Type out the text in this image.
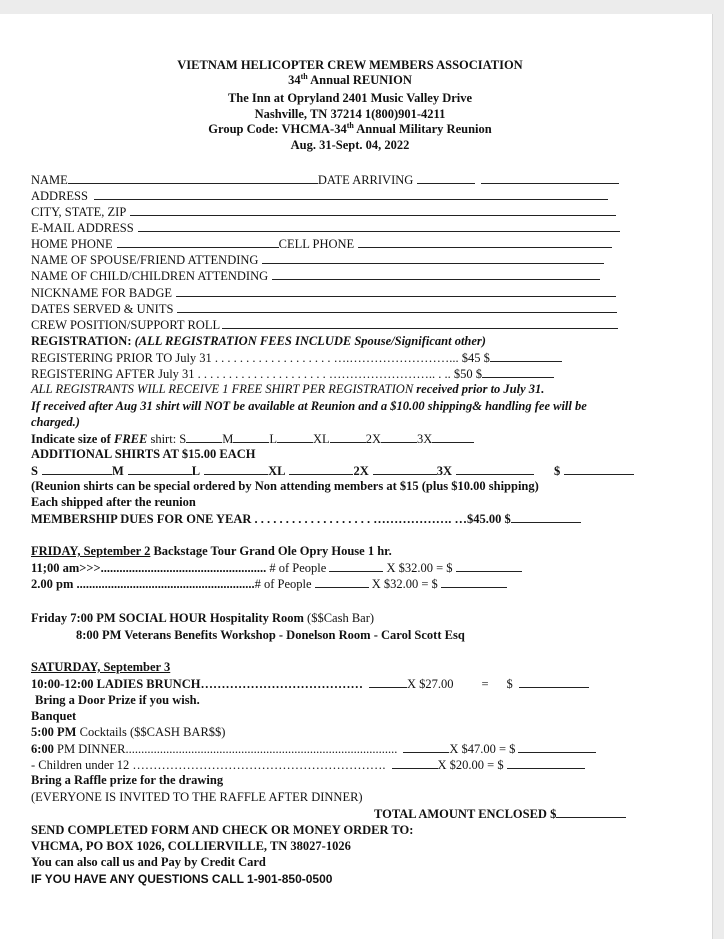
VIETNAM HELICOPTER CREW MEMBERS ASSOCIATION
34th Annual REUNION
The Inn at Opryland 2401 Music Valley Drive
Nashville, TN 37214 1(800)901-4211
Group Code: VHCMA-34th Annual Military Reunion
Aug. 31-Sept. 04, 2022
NAME	DATE ARRIVING
ADDRESS
CITY, STATE, ZIP
E-MAIL ADDRESS
HOME PHONE	CELL PHONE
NAME OF SPOUSE/FRIEND ATTENDING
NAME OF CHILD/CHILDREN ATTENDING
NICKNAME FOR BADGE
DATES SERVED & UNITS
CREW POSITION/SUPPORT ROLL
REGISTRATION: (ALL REGISTRATION FEES INCLUDE Spouse/Significant other)
REGISTERING PRIOR TO July 31 . . . . . . . . . . . . . . . . . . . ….……………………... $45 $
REGISTERING AFTER July 31 . . . . . . . . . . . . . . . . . . . . . …………………….. . .. $50 $
ALL REGISTRANTS WILL RECEIVE 1 FREE SHIRT PER REGISTRATION received prior to July 31.
If received after Aug 31 shirt will NOT be available at Reunion and a $10.00 shipping& handling fee will be
charged.)
Indicate size of FREE shirt: S	M	L	XL	2X	3X
ADDITIONAL SHIRTS AT $15.00 EACH
S	M	L	XL	2X	3X	$
(Reunion shirts can be special ordered by Non attending members at $15 (plus $10.00 shipping)
Each shipped after the reunion
MEMBERSHIP DUES FOR ONE YEAR . . . . . . . . . . . . . . . . . . . ………………. …$45.00 $
FRIDAY, September 2 Backstage Tour Grand Ole Opry House 1 hr.
11;00 am>>>..................................................... # of People	X $32.00 = $
2.00 pm .........................................................# of People	X $32.00 = $
Friday 7:00 PM SOCIAL HOUR Hospitality Room ($$Cash Bar)
8:00 PM Veterans Benefits Workshop - Donelson Room - Carol Scott Esq
SATURDAY, September 3
10:00-12:00 LADIES BRUNCH…………………………………	X $27.00 = $
Bring a Door Prize if you wish.
Banquet
5:00 PM Cocktails ($$CASH BAR$$)
6:00 PM DINNER.......................................................................................	X $47.00 = $
- Children under 12 …………………………………………………….	X $20.00 = $
Bring a Raffle prize for the drawing
(EVERYONE IS INVITED TO THE RAFFLE AFTER DINNER)
TOTAL AMOUNT ENCLOSED $
SEND COMPLETED FORM AND CHECK OR MONEY ORDER TO:
VHCMA, PO BOX 1026, COLLIERVILLE, TN 38027-1026
You can also call us and Pay by Credit Card
IF YOU HAVE ANY QUESTIONS CALL 1-901-850-0500
